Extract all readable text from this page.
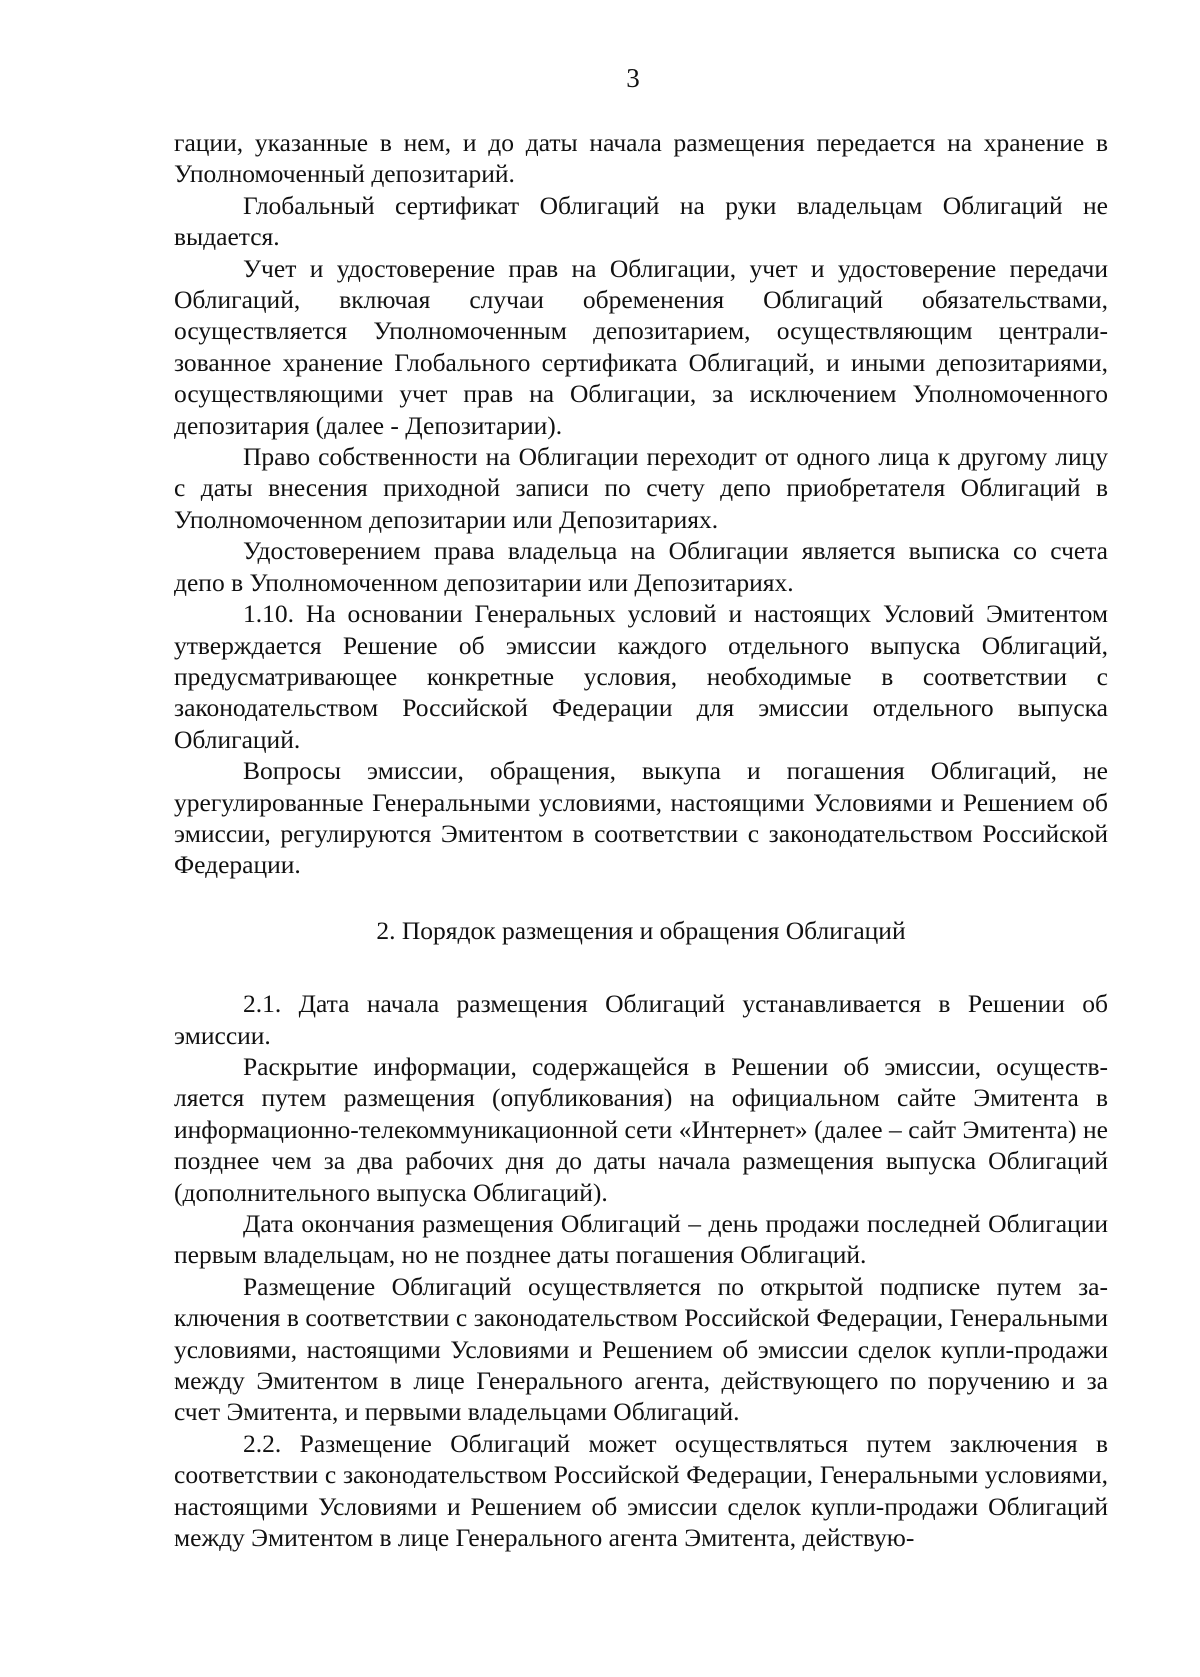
3

гации, указанные в нем, и до даты начала размещения передается на хранение в Уполномоченный депозитарий.

Глобальный сертификат Облигаций на руки владельцам Облигаций не выдается.

Учет и удостоверение прав на Облигации, учет и удостоверение передачи Облигаций, включая случаи обременения Облигаций обязательствами, осуществляется Уполномоченным депозитарием, осуществляющим централизованное хранение Глобального сертификата Облигаций, и иными депозитариями, осуществляющими учет прав на Облигации, за исключением Уполномоченного депозитария (далее - Депозитарии).

Право собственности на Облигации переходит от одного лица к другому лицу с даты внесения приходной записи по счету депо приобретателя Облигаций в Уполномоченном депозитарии или Депозитариях.

Удостоверением права владельца на Облигации является выписка со счета депо в Уполномоченном депозитарии или Депозитариях.

1.10. На основании Генеральных условий и настоящих Условий Эмитентом утверждается Решение об эмиссии каждого отдельного выпуска Облигаций, предусматривающее конкретные условия, необходимые в соответствии с законодательством Российской Федерации для эмиссии отдельного выпуска Облигаций.

Вопросы эмиссии, обращения, выкупа и погашения Облигаций, не урегулированные Генеральными условиями, настоящими Условиями и Решением об эмиссии, регулируются Эмитентом в соответствии с законодательством Российской Федерации.

2. Порядок размещения и обращения Облигаций

2.1. Дата начала размещения Облигаций устанавливается в Решении об эмиссии.

Раскрытие информации, содержащейся в Решении об эмиссии, осуществляется путем размещения (опубликования) на официальном сайте Эмитента в информационно-телекоммуникационной сети «Интернет» (далее – сайт Эмитента) не позднее чем за два рабочих дня до даты начала размещения выпуска Облигаций (дополнительного выпуска Облигаций).

Дата окончания размещения Облигаций – день продажи последней Облигации первым владельцам, но не позднее даты погашения Облигаций.

Размещение Облигаций осуществляется по открытой подписке путем заключения в соответствии с законодательством Российской Федерации, Генеральными условиями, настоящими Условиями и Решением об эмиссии сделок купли-продажи между Эмитентом в лице Генерального агента, действующего по поручению и за счет Эмитента, и первыми владельцами Облигаций.

2.2. Размещение Облигаций может осуществляться путем заключения в соответствии с законодательством Российской Федерации, Генеральными условиями, настоящими Условиями и Решением об эмиссии сделок купли-продажи Облигаций между Эмитентом в лице Генерального агента Эмитента, действую-
